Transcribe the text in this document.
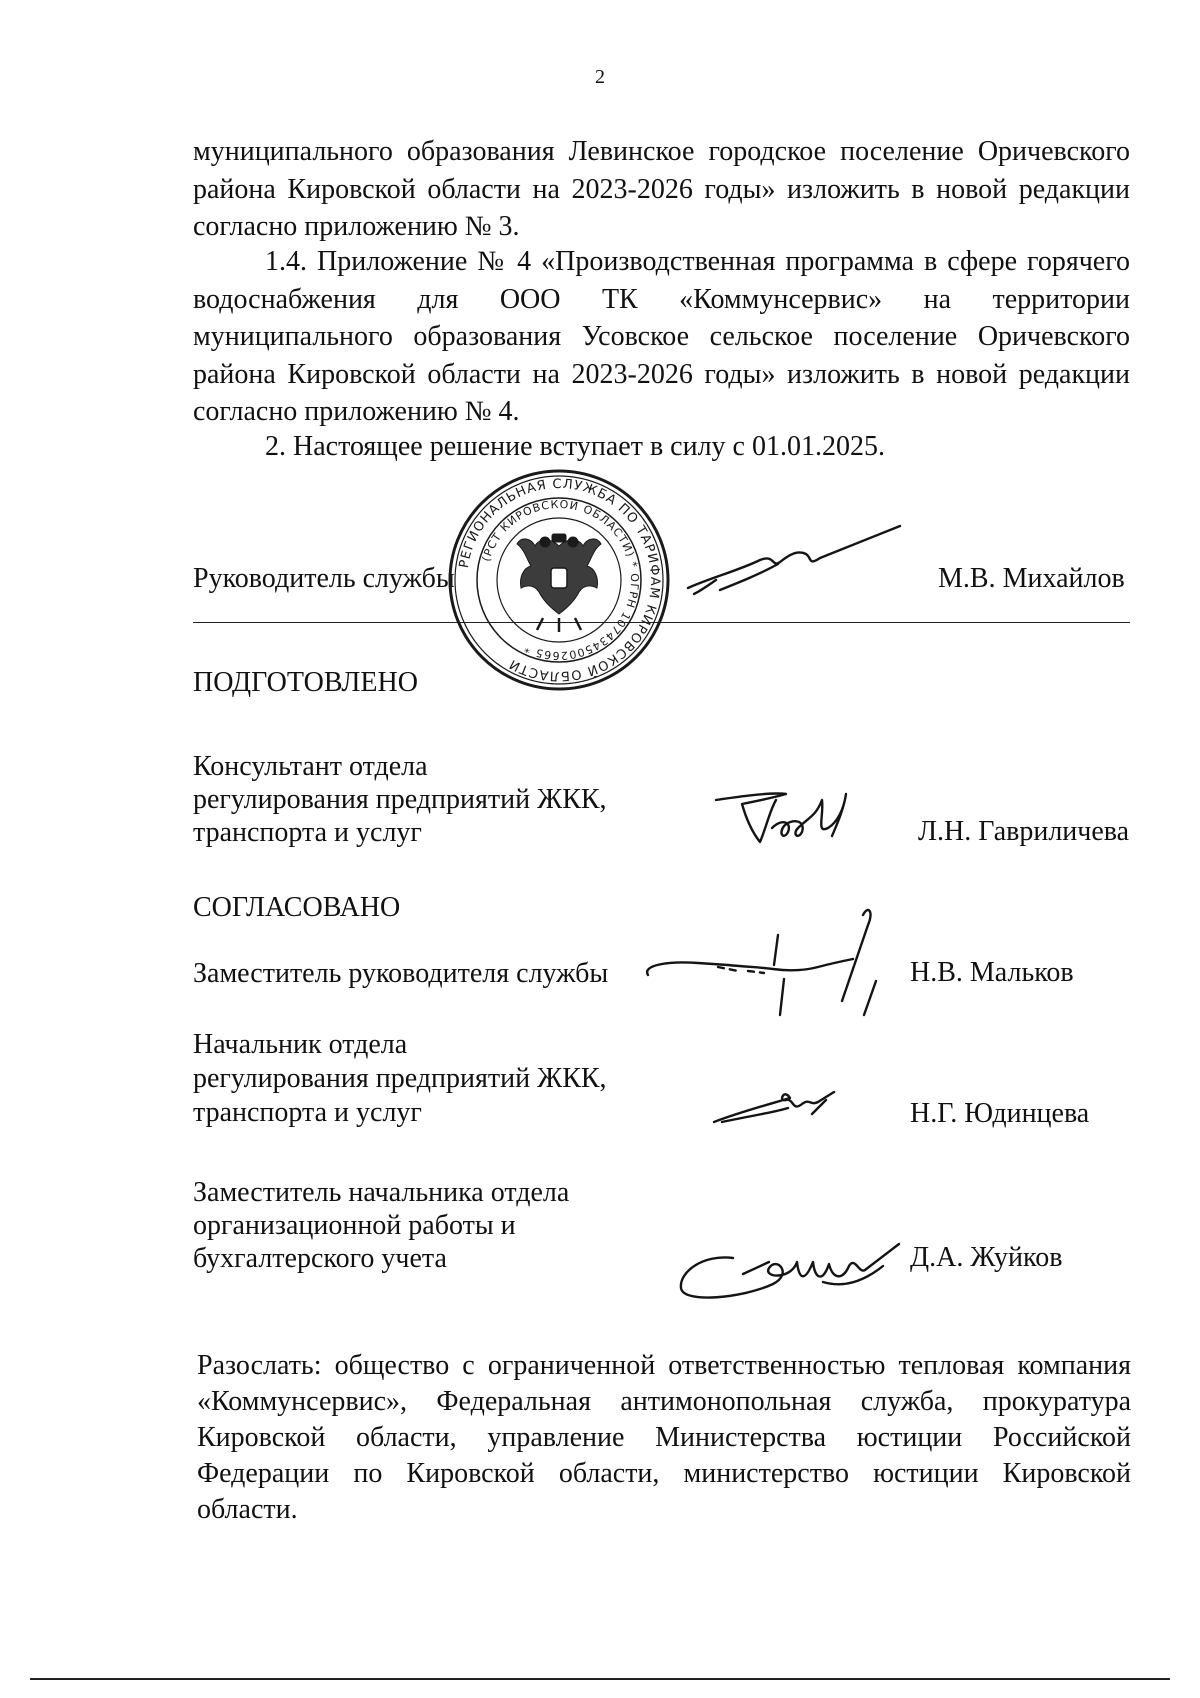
2
муниципального образования Левинское городское поселение Оричевского
района Кировской области на 2023-2026 годы» изложить в новой редакции
согласно приложению № 3.
1.4. Приложение № 4 «Производственная программа в сфере горячего
водоснабжения для ООО ТК «Коммунсервис» на территории
муниципального образования Усовское сельское поселение Оричевского
района Кировской области на 2023-2026 годы» изложить в новой редакции
согласно приложению № 4.
2. Настоящее решение вступает в силу с 01.01.2025.
Руководитель службы	М.В. Михайлов
РЕГИОНАЛЬНАЯ СЛУЖБА ПО ТАРИФАМ КИРОВСКОЙ ОБЛАСТИ
(РСТ КИРОВСКОЙ ОБЛАСТИ) * ОГРН 1074345002665 *
ПОДГОТОВЛЕНО
Консультант отдела
регулирования предприятий ЖКК,
транспорта и услуг	Л.Н. Гавриличева
СОГЛАСОВАНО
Заместитель руководителя службы	Н.В. Мальков
Начальник отдела
регулирования предприятий ЖКК,
транспорта и услуг	Н.Г. Юдинцева
Заместитель начальника отдела
организационной работы и
бухгалтерского учета	Д.А. Жуйков
Разослать: общество с ограниченной ответственностью тепловая компания
«Коммунсервис», Федеральная антимонопольная служба, прокуратура
Кировской области, управление Министерства юстиции Российской
Федерации по Кировской области, министерство юстиции Кировской
области.
